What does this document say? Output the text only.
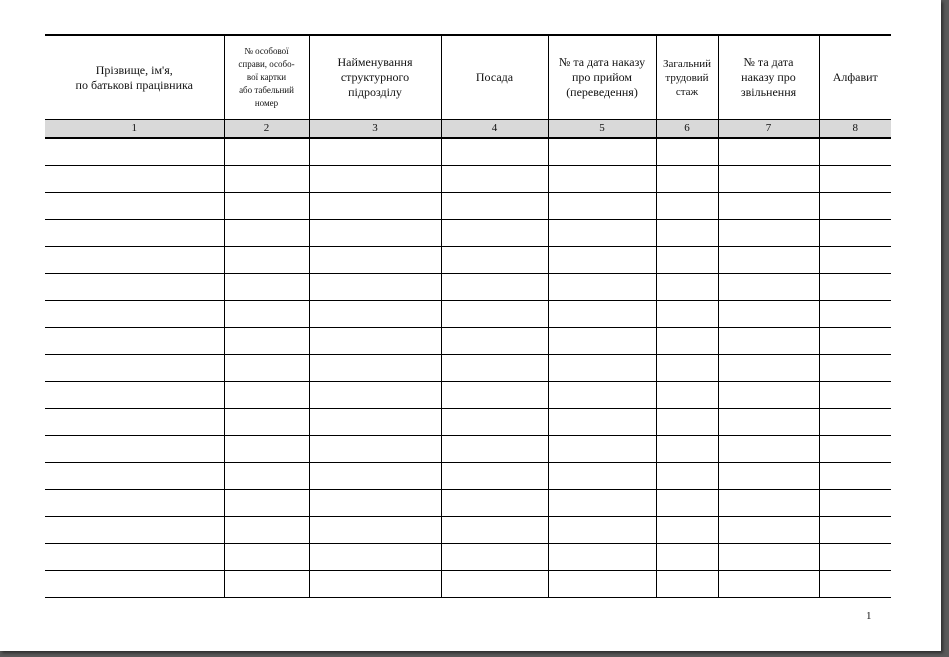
Прізвище, ім'я,
по батькові працівника	№ особової
справи, особо-
вої картки
або табельний
номер	Найменування
структурного
підрозділу	Посада	№ та дата наказу
про прийом
(переведення)	Загальний
трудовий
стаж	№ та дата
наказу про
звільнення	Алфавит
1	2	3	4	5	6	7	8

1
